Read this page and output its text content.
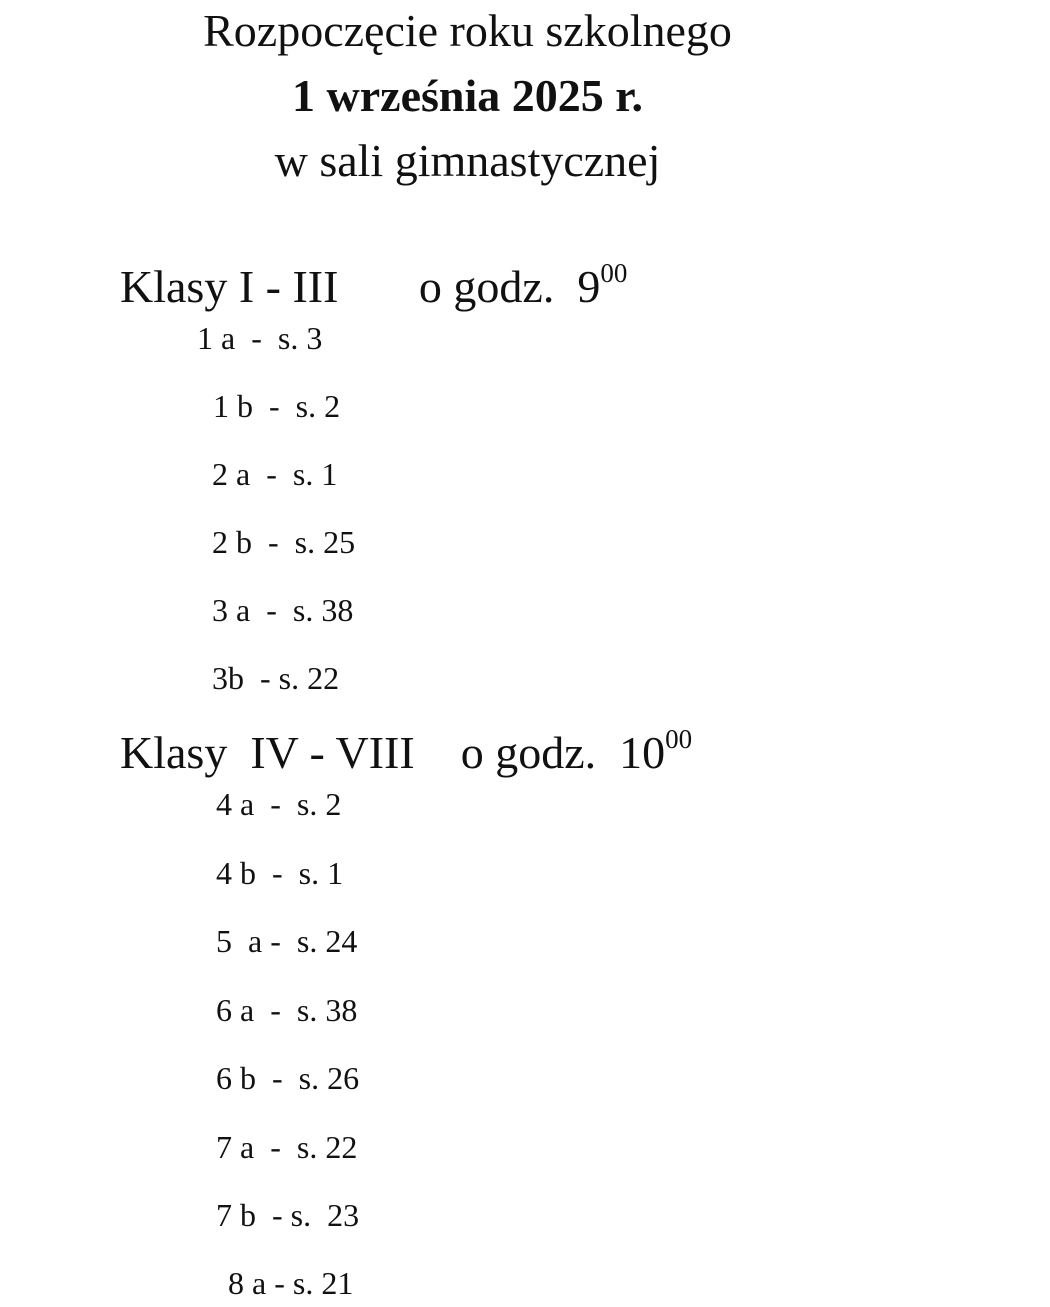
Rozpoczęcie roku szkolnego
1 września 2025 r.
w sali gimnastycznej
Klasy I - III       o godz.  $9^{00}$
1 a  -  s. 3
1 b  -  s. 2
2 a  -  s. 1
2 b  -  s. 25
3 a  -  s. 38
3b  - s. 22
Klasy  IV - VIII    o godz.  $10^{00}$
4 a  -  s. 2
4 b  -  s. 1
5  a -  s. 24
6 a  -  s. 38
6 b  -  s. 26
7 a  -  s. 22
7 b  - s.  23
8 a - s. 21
